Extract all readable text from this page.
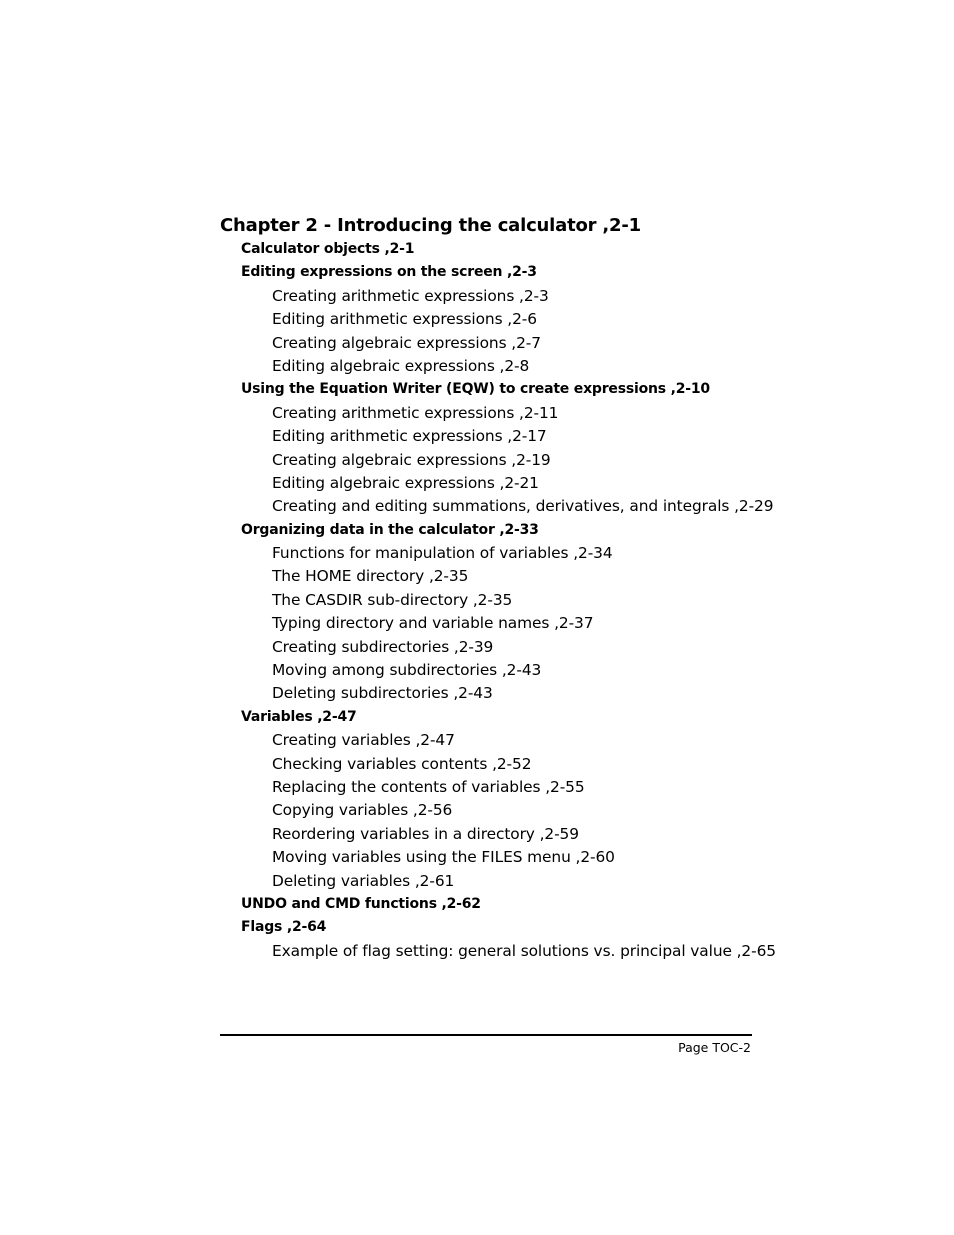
Chapter 2 - Introducing the calculator ,2-1
Calculator objects ,2-1
Editing expressions on the screen ,2-3
Creating arithmetic expressions ,2-3
Editing arithmetic expressions ,2-6
Creating algebraic expressions ,2-7
Editing algebraic expressions ,2-8
Using the Equation Writer (EQW) to create expressions ,2-10
Creating arithmetic expressions ,2-11
Editing arithmetic expressions ,2-17
Creating algebraic expressions ,2-19
Editing algebraic expressions ,2-21
Creating and editing summations, derivatives, and integrals ,2-29
Organizing data in the calculator ,2-33
Functions for manipulation of variables ,2-34
The HOME directory ,2-35
The CASDIR sub-directory ,2-35
Typing directory and variable names ,2-37
Creating subdirectories ,2-39
Moving among subdirectories ,2-43
Deleting subdirectories ,2-43
Variables ,2-47
Creating variables ,2-47
Checking variables contents ,2-52
Replacing the contents of variables ,2-55
Copying variables ,2-56
Reordering variables in a directory ,2-59
Moving variables using the FILES menu ,2-60
Deleting variables ,2-61
UNDO and CMD functions ,2-62
Flags ,2-64
Example of flag setting: general solutions vs. principal value ,2-65
Page TOC-2
